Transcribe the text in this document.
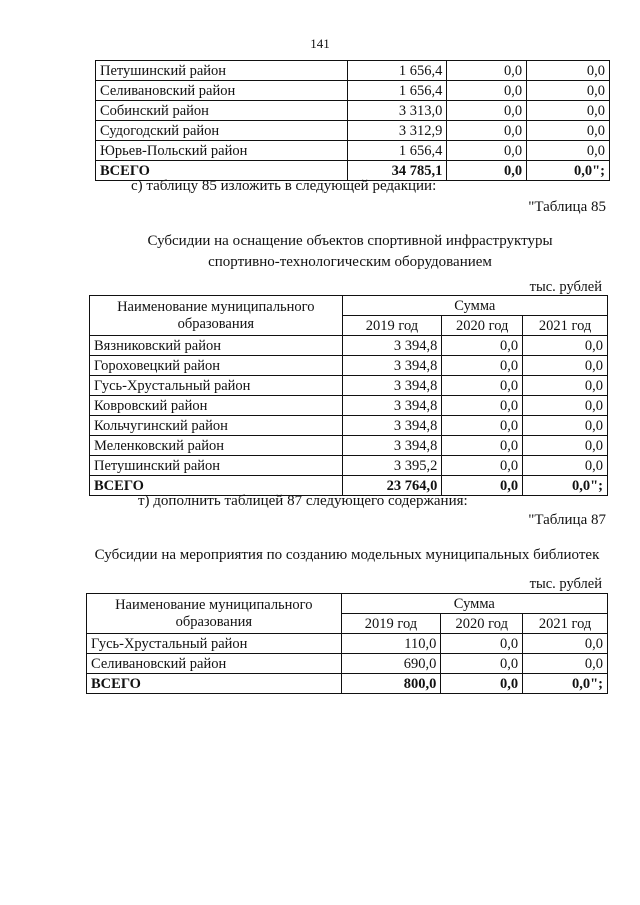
141
Петушинский район	1 656,4	0,0	0,0
Селивановский район	1 656,4	0,0	0,0
Собинский район	3 313,0	0,0	0,0
Судогодский район	3 312,9	0,0	0,0
Юрьев-Польский район	1 656,4	0,0	0,0
ВСЕГО	34 785,1	0,0	0,0";
с) таблицу 85 изложить в следующей редакции:
"Таблица 85
Субсидии на оснащение объектов спортивной инфраструктуры
спортивно-технологическим оборудованием
тыс. рублей
Наименование муниципального
образования	Сумма		
	2019 год	2020 год	2021 год
Вязниковский район	3 394,8	0,0	0,0
Гороховецкий район	3 394,8	0,0	0,0
Гусь-Хрустальный район	3 394,8	0,0	0,0
Ковровский район	3 394,8	0,0	0,0
Кольчугинский район	3 394,8	0,0	0,0
Меленковский район	3 394,8	0,0	0,0
Петушинский район	3 395,2	0,0	0,0
ВСЕГО	23 764,0	0,0	0,0";
т) дополнить таблицей 87 следующего содержания:
"Таблица 87
Субсидии на мероприятия по созданию модельных муниципальных библиотек
тыс. рублей
Наименование муниципального
образования	Сумма		
	2019 год	2020 год	2021 год
Гусь-Хрустальный район	110,0	0,0	0,0
Селивановский район	690,0	0,0	0,0
ВСЕГО	800,0	0,0	0,0";
